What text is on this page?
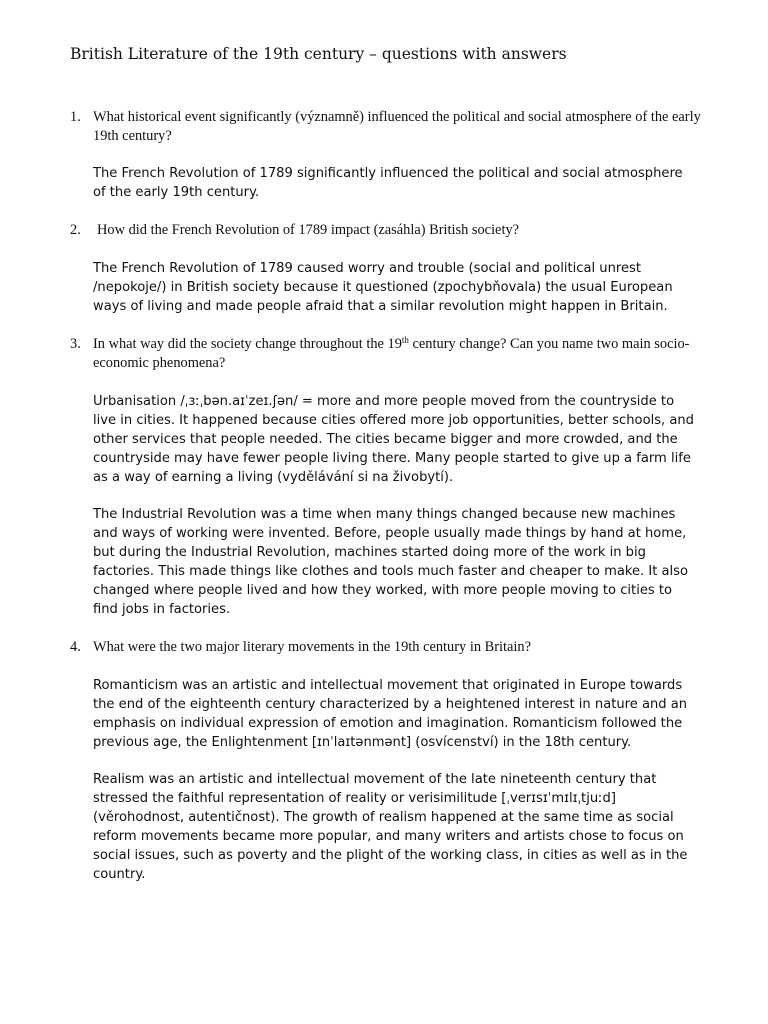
British Literature of the 19th century – questions with answers
1. What historical event significantly (významně) influenced the political and social atmosphere of the early 19th century?
The French Revolution of 1789 significantly influenced the political and social atmosphere
of the early 19th century.
2. How did the French Revolution of 1789 impact (zasáhla) British society?
The French Revolution of 1789 caused worry and trouble (social and political unrest
/nepokoje/) in British society because it questioned (zpochybňovala) the usual European
ways of living and made people afraid that a similar revolution might happen in Britain.
3. In what way did the society change throughout the 19th century change? Can you name two main socio-economic phenomena?
Urbanisation /ˌɜːˌbən.aɪˈzeɪ.ʃən/ = more and more people moved from the countryside to
live in cities. It happened because cities offered more job opportunities, better schools, and
other services that people needed. The cities became bigger and more crowded, and the
countryside may have fewer people living there. Many people started to give up a farm life
as a way of earning a living (vydělávání si na živobytí).
The Industrial Revolution was a time when many things changed because new machines
and ways of working were invented. Before, people usually made things by hand at home,
but during the Industrial Revolution, machines started doing more of the work in big
factories. This made things like clothes and tools much faster and cheaper to make. It also
changed where people lived and how they worked, with more people moving to cities to
find jobs in factories.
4. What were the two major literary movements in the 19th century in Britain?
Romanticism was an artistic and intellectual movement that originated in Europe towards
the end of the eighteenth century characterized by a heightened interest in nature and an
emphasis on individual expression of emotion and imagination. Romanticism followed the
previous age, the Enlightenment [ɪnˈlaɪtənmənt] (osvícenství) in the 18th century.
Realism was an artistic and intellectual movement of the late nineteenth century that
stressed the faithful representation of reality or verisimilitude [ˌverɪsɪˈmɪlɪˌtjuːd]
(věrohodnost, autentičnost). The growth of realism happened at the same time as social
reform movements became more popular, and many writers and artists chose to focus on
social issues, such as poverty and the plight of the working class, in cities as well as in the
country.
